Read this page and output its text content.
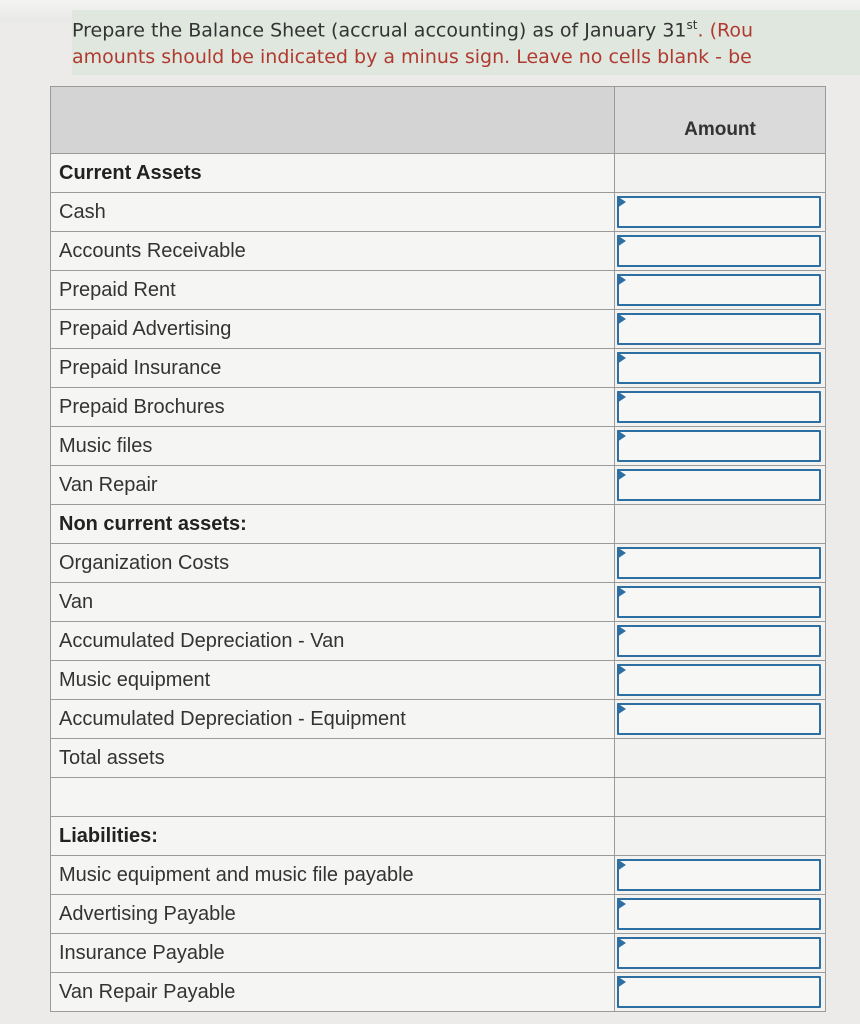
Prepare the Balance Sheet (accrual accounting) as of January 31st. (Rou
amounts should be indicated by a minus sign. Leave no cells blank - be
Amount
Current Assets
Cash
Accounts Receivable
Prepaid Rent
Prepaid Advertising
Prepaid Insurance
Prepaid Brochures
Music files
Van Repair
Non current assets:
Organization Costs
Van
Accumulated Depreciation - Van
Music equipment
Accumulated Depreciation - Equipment
Total assets
Liabilities:
Music equipment and music file payable
Advertising Payable
Insurance Payable
Van Repair Payable
